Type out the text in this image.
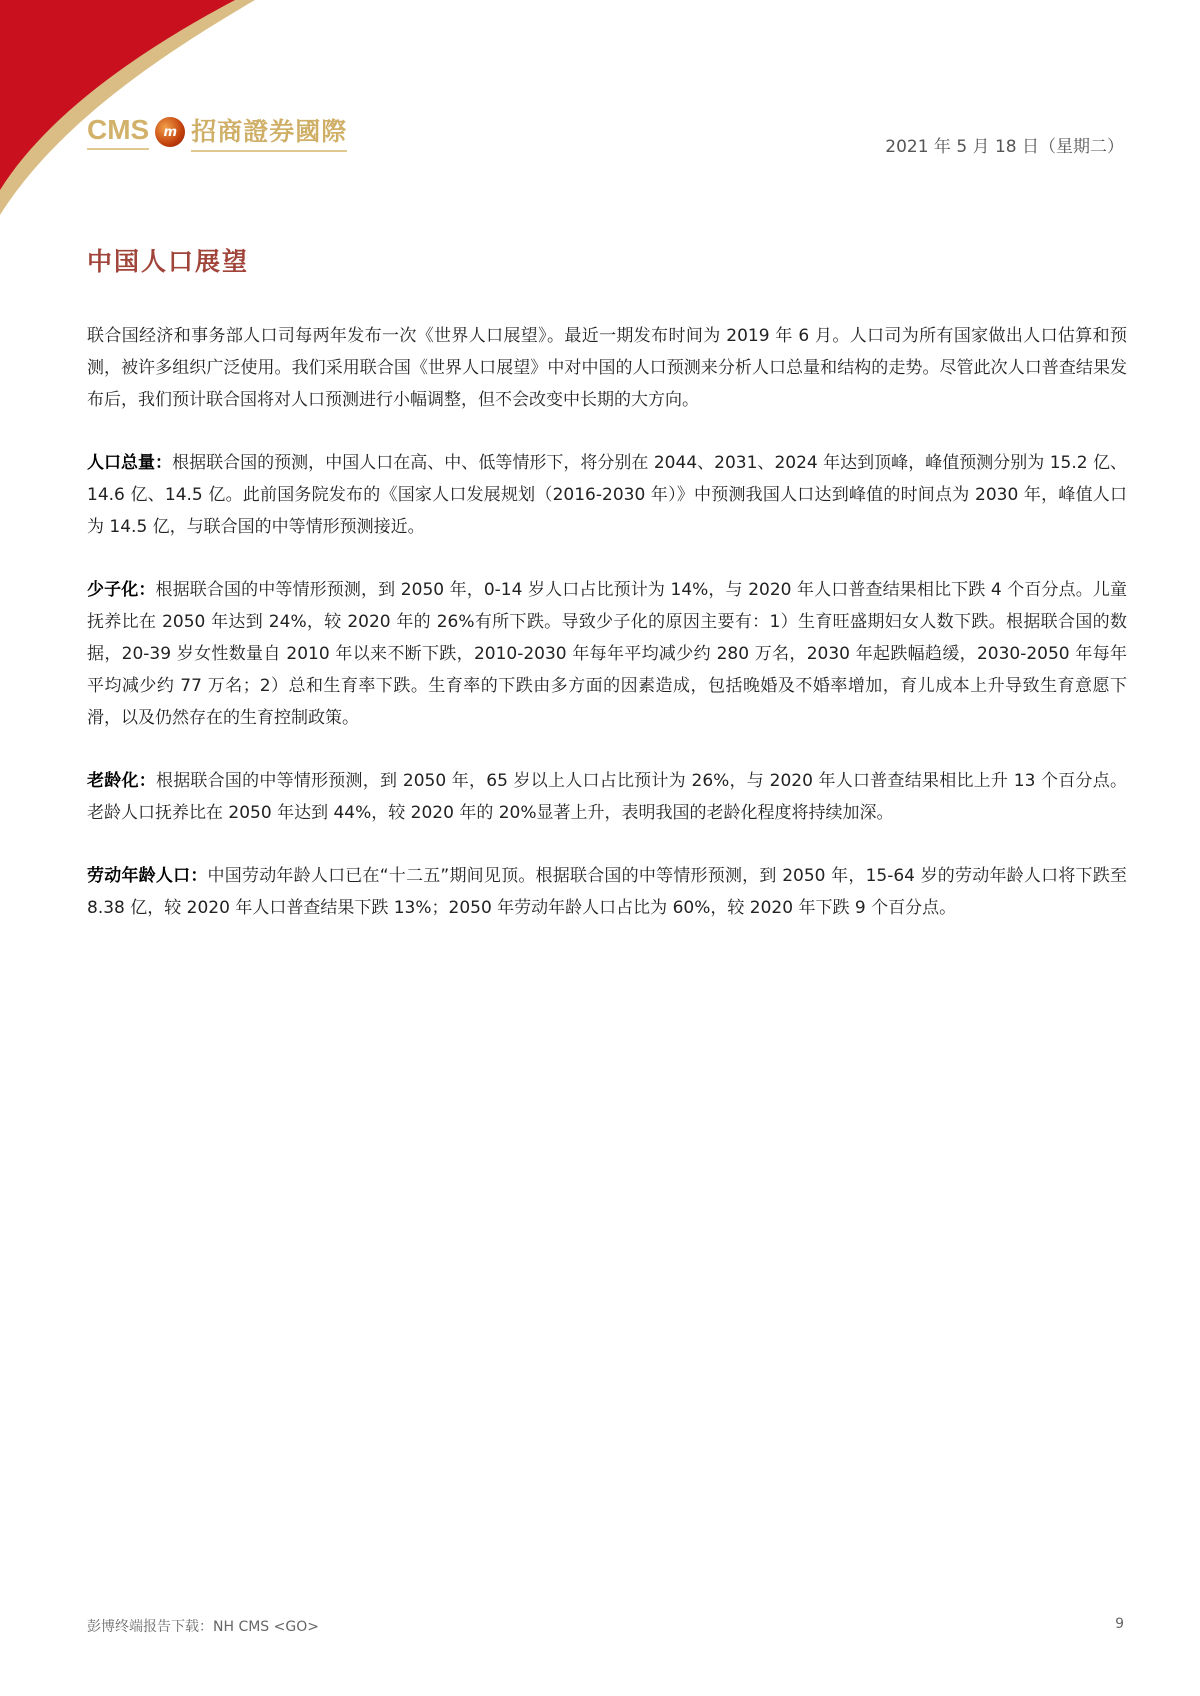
CMS	m 招商證券國際
2021 年 5 月 18 日（星期二）
中国人口展望

联合国经济和事务部人口司每两年发布一次《世界人口展望》。最近一期发布时间为 2019 年 6 月。人口司为所有国家做出人口估算和预测，被许多组织广泛使用。我们采用联合国《世界人口展望》中对中国的人口预测来分析人口总量和结构的走势。尽管此次人口普查结果发布后，我们预计联合国将对人口预测进行小幅调整，但不会改变中长期的大方向。

人口总量：根据联合国的预测，中国人口在高、中、低等情形下，将分别在 2044、2031、2024 年达到顶峰，峰值预测分别为 15.2 亿、14.6 亿、14.5 亿。此前国务院发布的《国家人口发展规划（2016-2030 年）》中预测我国人口达到峰值的时间点为 2030 年，峰值人口为 14.5 亿，与联合国的中等情形预测接近。

少子化：根据联合国的中等情形预测，到 2050 年，0-14 岁人口占比预计为 14%，与 2020 年人口普查结果相比下跌 4 个百分点。儿童抚养比在 2050 年达到 24%，较 2020 年的 26%有所下跌。导致少子化的原因主要有：1）生育旺盛期妇女人数下跌。根据联合国的数据，20-39 岁女性数量自 2010 年以来不断下跌，2010-2030 年每年平均减少约 280 万名，2030 年起跌幅趋缓，2030-2050 年每年平均减少约 77 万名；2）总和生育率下跌。生育率的下跌由多方面的因素造成，包括晚婚及不婚率增加，育儿成本上升导致生育意愿下滑，以及仍然存在的生育控制政策。

老龄化：根据联合国的中等情形预测，到 2050 年，65 岁以上人口占比预计为 26%，与 2020 年人口普查结果相比上升 13 个百分点。老龄人口抚养比在 2050 年达到 44%，较 2020 年的 20%显著上升，表明我国的老龄化程度将持续加深。

劳动年龄人口：中国劳动年龄人口已在“十二五”期间见顶。根据联合国的中等情形预测，到 2050 年，15-64 岁的劳动年龄人口将下跌至 8.38 亿，较 2020 年人口普查结果下跌 13%；2050 年劳动年龄人口占比为 60%，较 2020 年下跌 9 个百分点。

彭博终端报告下载：NH CMS <GO>	9
